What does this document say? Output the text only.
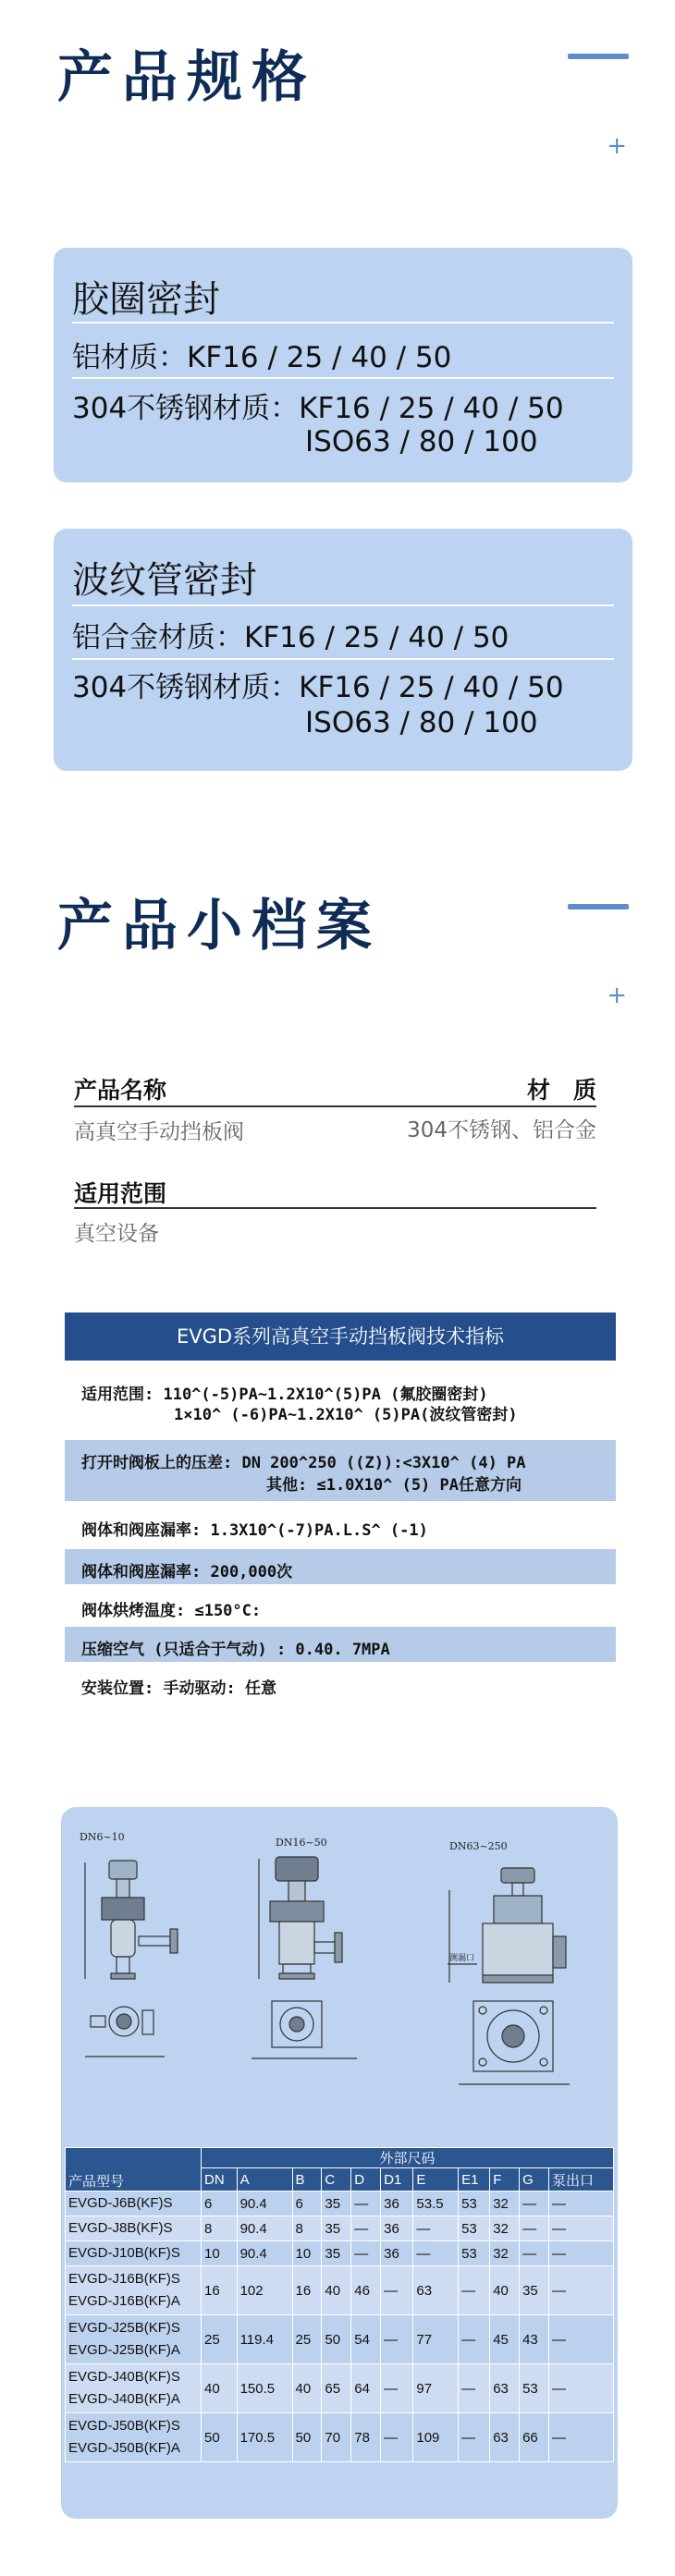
产品规格
+
胶圈密封
铝材质：KF16 / 25 / 40 / 50
304不锈钢材质：KF16 / 25 / 40 / 50
ISO63 / 80 / 100
波纹管密封
铝合金材质：KF16 / 25 / 40 / 50
304不锈钢材质：KF16 / 25 / 40 / 50
ISO63 / 80 / 100
产品小档案
+
产品名称	材　质
高真空手动挡板阀	304不锈钢、铝合金
适用范围
真空设备
EVGD系列高真空手动挡板阀技术指标
适用范围: 110^(-5)PA~1.2X10^(5)PA (氟胶圈密封)
1×10^ (-6)PA~1.2X10^ (5)PA(波纹管密封)
打开时阀板上的压差: DN 200^250 ((Z)):<3X10^ (4) PA
其他: ≤1.0X10^ (5) PA任意方向
阀体和阀座漏率: 1.3X10^(-7)PA.L.S^ (-1)
阀体和阀座漏率: 200,000次
阀体烘烤温度: ≤150°C:
压缩空气 (只适合于气动) : 0.40. 7MPA
安装位置: 手动驱动: 任意
DN6~10	DN16~50	DN63~250
测漏口
产品型号	外部尺码										
	DN	A	B	C	D	D1	E	E1	F	G	泵出口

EVGD-J6B(KF)S	6	90.4	6	35	—	36	53.5	53	32	—	—

EVGD-J8B(KF)S	8	90.4	8	35	—	36	—	53	32	—	—

EVGD-J10B(KF)S	10	90.4	10	35	—	36	—	53	32	—	—

EVGD-J16B(KF)S
EVGD-J16B(KF)A	16	102	16	40	46	—	63	—	40	35	—

EVGD-J25B(KF)S
EVGD-J25B(KF)A	25	119.4	25	50	54	—	77	—	45	43	—

EVGD-J40B(KF)S
EVGD-J40B(KF)A	40	150.5	40	65	64	—	97	—	63	53	—

EVGD-J50B(KF)S
EVGD-J50B(KF)A	50	170.5	50	70	78	—	109	—	63	66	—
